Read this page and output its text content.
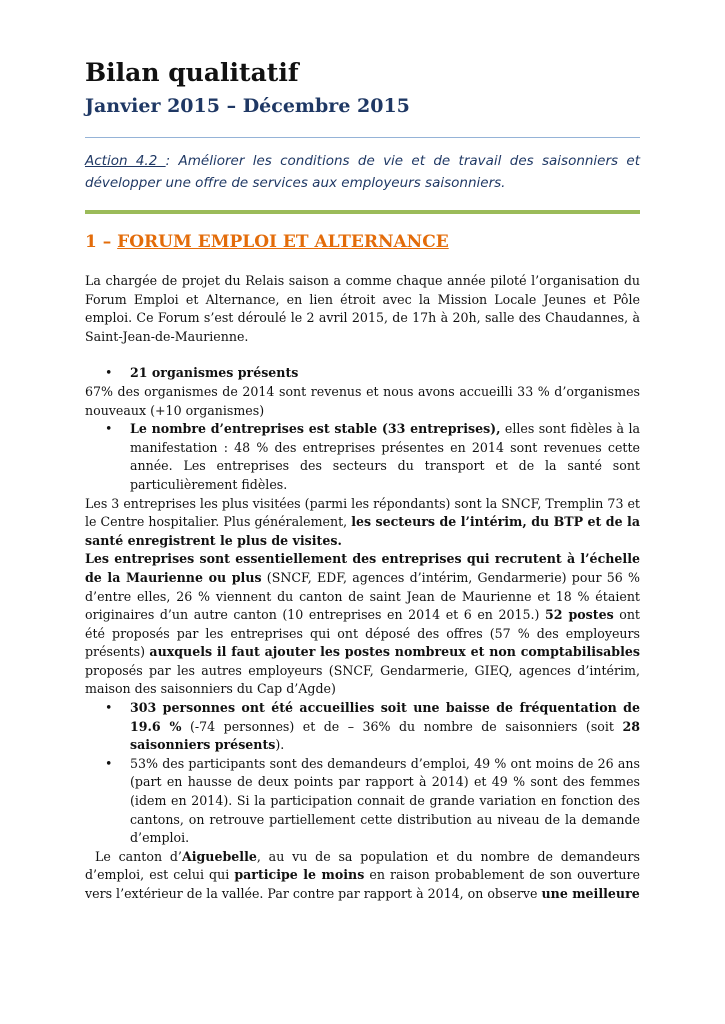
Bilan qualitatif
Janvier 2015 – Décembre 2015

Action 4.2 : Améliorer les conditions de vie et de travail des saisonniers et développer une offre de services aux employeurs saisonniers.

1 – FORUM EMPLOI ET ALTERNANCE

La chargée de projet du Relais saison a comme chaque année piloté l’organisation du Forum Emploi et Alternance, en lien étroit avec la Mission Locale Jeunes et Pôle emploi. Ce Forum s’est déroulé le 2 avril 2015, de 17h à 20h, salle des Chaudannes, à Saint-Jean-de-Maurienne.

• 21 organismes présents

67% des organismes de 2014 sont revenus et nous avons accueilli 33 % d’organismes nouveaux (+10 organismes)

• Le nombre d’entreprises est stable (33 entreprises), elles sont fidèles à la manifestation : 48 % des entreprises présentes en 2014 sont revenues cette année. Les entreprises des secteurs du transport et de la santé sont particulièrement fidèles.

Les 3 entreprises les plus visitées (parmi les répondants) sont la SNCF, Tremplin 73 et le Centre hospitalier. Plus généralement, les secteurs de l’intérim, du BTP et de la santé enregistrent le plus de visites.

Les entreprises sont essentiellement des entreprises qui recrutent à l’échelle de la Maurienne ou plus (SNCF, EDF, agences d’intérim, Gendarmerie) pour 56 % d’entre elles, 26 % viennent du canton de saint Jean de Maurienne et 18 % étaient originaires d’un autre canton (10 entreprises en 2014 et 6 en 2015.) 52 postes ont été proposés par les entreprises qui ont déposé des offres (57 % des employeurs présents) auxquels il faut ajouter les postes nombreux et non comptabilisables proposés par les autres employeurs (SNCF, Gendarmerie, GIEQ, agences d’intérim, maison des saisonniers du Cap d’Agde)

• 303 personnes ont été accueillies soit une baisse de fréquentation de 19.6 % (-74 personnes) et de – 36% du nombre de saisonniers (soit 28 saisonniers présents).
• 53% des participants sont des demandeurs d’emploi, 49 % ont moins de 26 ans (part en hausse de deux points par rapport à 2014) et 49 % sont des femmes (idem en 2014). Si la participation connait de grande variation en fonction des cantons, on retrouve partiellement cette distribution au niveau de la demande d’emploi.

Le canton d’Aiguebelle, au vu de sa population et du nombre de demandeurs d’emploi, est celui qui participe le moins en raison probablement de son ouverture vers l’extérieur de la vallée. Par contre par rapport à 2014, on observe une meilleure
